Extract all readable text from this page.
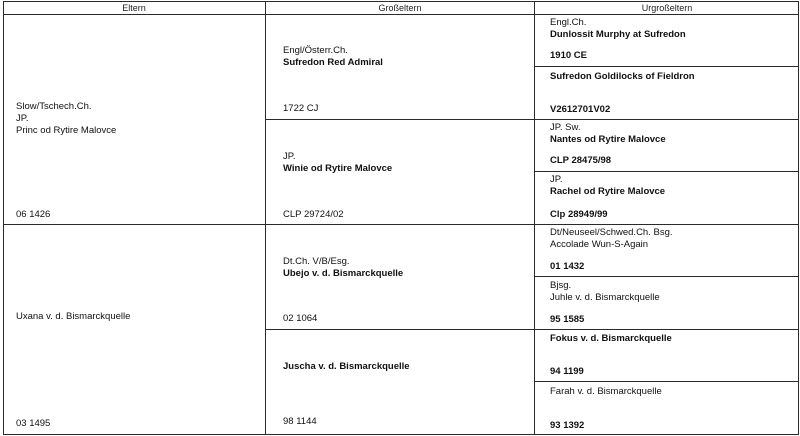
Eltern	Großeltern	Urgroßeltern
Slow/Tschech.Ch.
JP.
Princ od Rytire Malovce
06 1426
Uxana v. d. Bismarckquelle
03 1495
Engl/Österr.Ch.
Sufredon Red Admiral
1722 CJ
JP.
Winie od Rytire Malovce
CLP 29724/02
Dt.Ch. V/B/Esg.
Ubejo v. d. Bismarckquelle
02 1064
Juscha v. d. Bismarckquelle
98 1144
Engl.Ch.
Dunlossit Murphy at Sufredon
1910 CE
Sufredon Goldilocks of Fieldron
V2612701V02
JP. Sw.
Nantes od Rytire Malovce
CLP 28475/98
JP.
Rachel od Rytire Malovce
Clp 28949/99
Dt/Neuseel/Schwed.Ch. Bsg.
Accolade Wun-S-Again
01 1432
Bjsg.
Juhle v. d. Bismarckquelle
95 1585
Fokus v. d. Bismarckquelle
94 1199
Farah v. d. Bismarckquelle
93 1392
